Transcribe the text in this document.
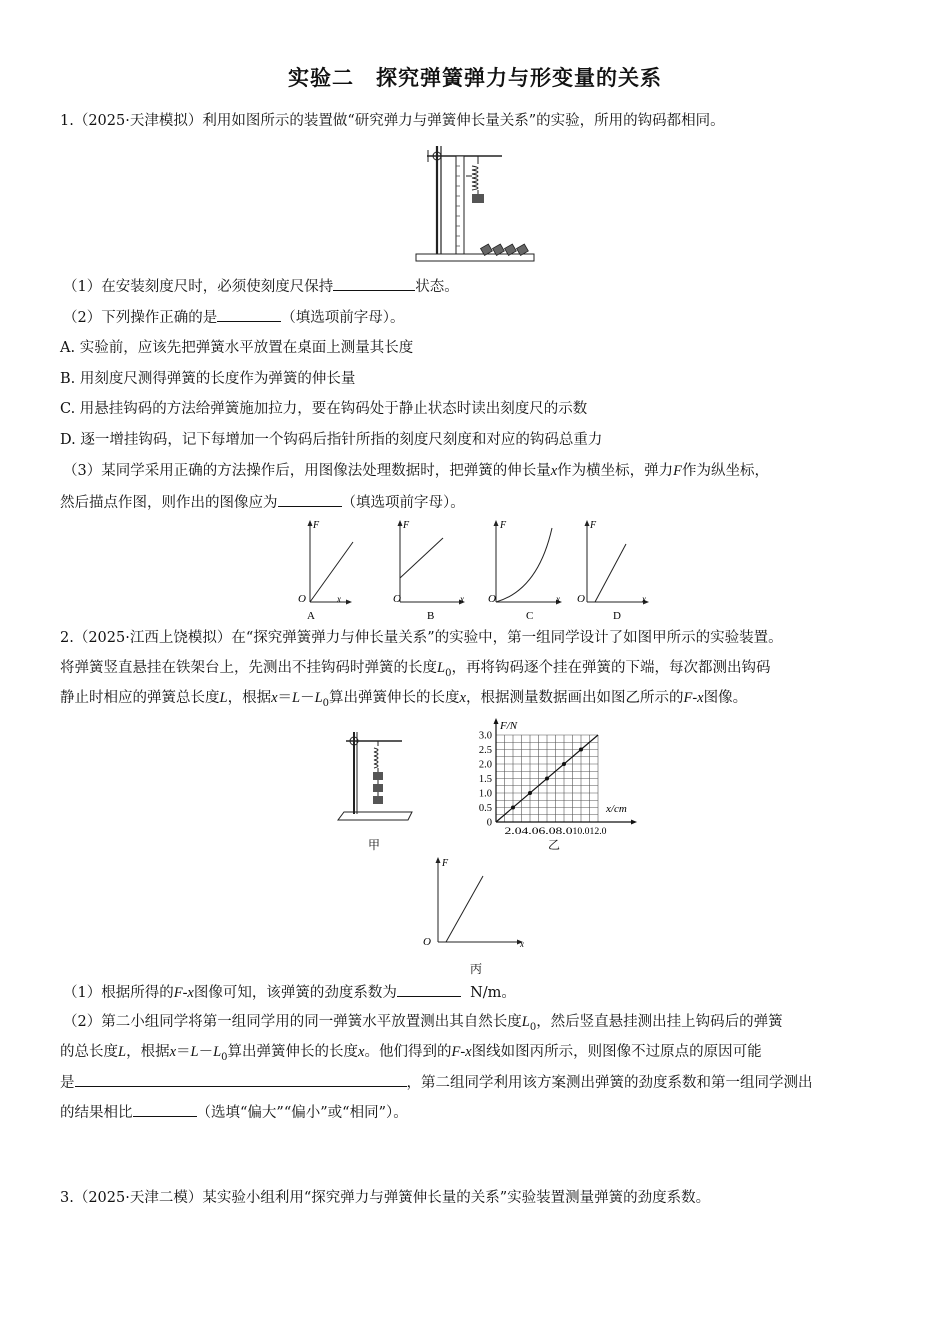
实验二 探究弹簧弹力与形变量的关系
1.（2025·天津模拟）利用如图所示的装置做“研究弹力与弹簧伸长量关系”的实验，所用的钩码都相同。
（1）在安装刻度尺时，必须使刻度尺保持	状态。
（2）下列操作正确的是	（填选项前字母）。
A. 实验前，应该先把弹簧水平放置在桌面上测量其长度
B. 用刻度尺测得弹簧的长度作为弹簧的伸长量
C. 用悬挂钩码的方法给弹簧施加拉力，要在钩码处于静止状态时读出刻度尺的示数
D. 逐一增挂钩码，记下每增加一个钩码后指针所指的刻度尺刻度和对应的钩码总重力
（3）某同学采用正确的方法操作后，用图像法处理数据时，把弹簧的伸长量x作为横坐标，弹力F作为纵坐标，
然后描点作图，则作出的图像应为	（填选项前字母）。
F
O	x
A
F
O	x
B
F
O	x
C
F
O	x
D
2.（2025·江西上饶模拟）在“探究弹簧弹力与伸长量关系”的实验中，第一组同学设计了如图甲所示的实验装置。
将弹簧竖直悬挂在铁架台上，先测出不挂钩码时弹簧的长度$L_0$，再将钩码逐个挂在弹簧的下端，每次都测出钩码
静止时相应的弹簧总长度L，根据$x=L-L_0$算出弹簧伸长的长度x，根据测量数据画出如图乙所示的F-x图像。
甲
0
0.5
1.0
1.5
2.0
2.5
3.0
2.0 4.0 6.0 8.0 10.0 12.0
F/N
x/cm
乙
F
O	x
丙
（1）根据所得的F-x图像可知，该弹簧的劲度系数为	N/m。
（2）第二小组同学将第一组同学用的同一弹簧水平放置测出其自然长度$L_0$，然后竖直悬挂测出挂上钩码后的弹簧
的总长度L，根据$x=L-L_0$算出弹簧伸长的长度x。他们得到的F-x图线如图丙所示，则图像不过原点的原因可能
是	，第二组同学利用该方案测出弹簧的劲度系数和第一组同学测出
的结果相比	（选填“偏大”“偏小”或“相同”）。
3.（2025·天津二模）某实验小组利用“探究弹力与弹簧伸长量的关系”实验装置测量弹簧的劲度系数。
